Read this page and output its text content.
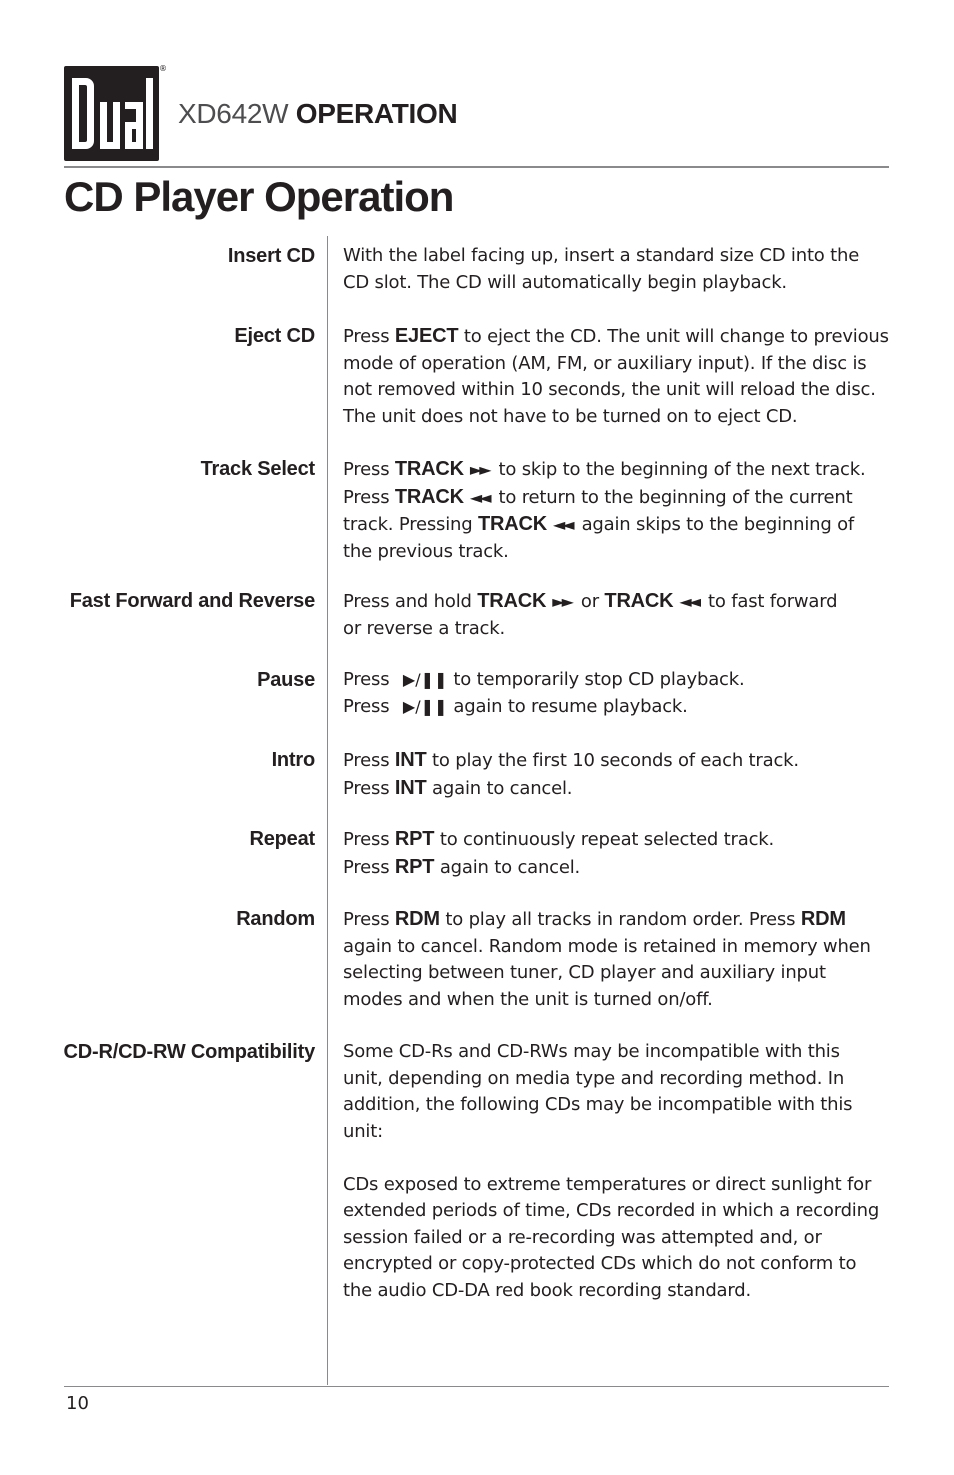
®
XD642W OPERATION
CD Player Operation
Insert CD With the label facing up, insert a standard size CD into the
CD slot. The CD will automatically begin playback.
Eject CD Press EJECT to eject the CD. The unit will change to previous
mode of operation (AM, FM, or auxiliary input). If the disc is
not removed within 10 seconds, the unit will reload the disc.
The unit does not have to be turned on to eject CD.
Track Select Press TRACK ►► to skip to the beginning of the next track.
Press TRACK ◄◄ to return to the beginning of the current
track. Pressing TRACK ◄◄ again skips to the beginning of
the previous track.
Fast Forward and Reverse Press and hold TRACK ►► or TRACK ◄◄ to fast forward
or reverse a track.
Pause Press ▶/❚❚ to temporarily stop CD playback.
Press ▶/❚❚ again to resume playback.
Intro Press INT to play the first 10 seconds of each track.
Press INT again to cancel.
Repeat Press RPT to continuously repeat selected track.
Press RPT again to cancel.
Random Press RDM to play all tracks in random order. Press RDM
again to cancel. Random mode is retained in memory when
selecting between tuner, CD player and auxiliary input
modes and when the unit is turned on/off.
CD-R/CD-RW Compatibility Some CD-Rs and CD-RWs may be incompatible with this
unit, depending on media type and recording method. In
addition, the following CDs may be incompatible with this
unit:
CDs exposed to extreme temperatures or direct sunlight for
extended periods of time, CDs recorded in which a recording
session failed or a re-recording was attempted and, or
encrypted or copy-protected CDs which do not conform to
the audio CD-DA red book recording standard.
10
